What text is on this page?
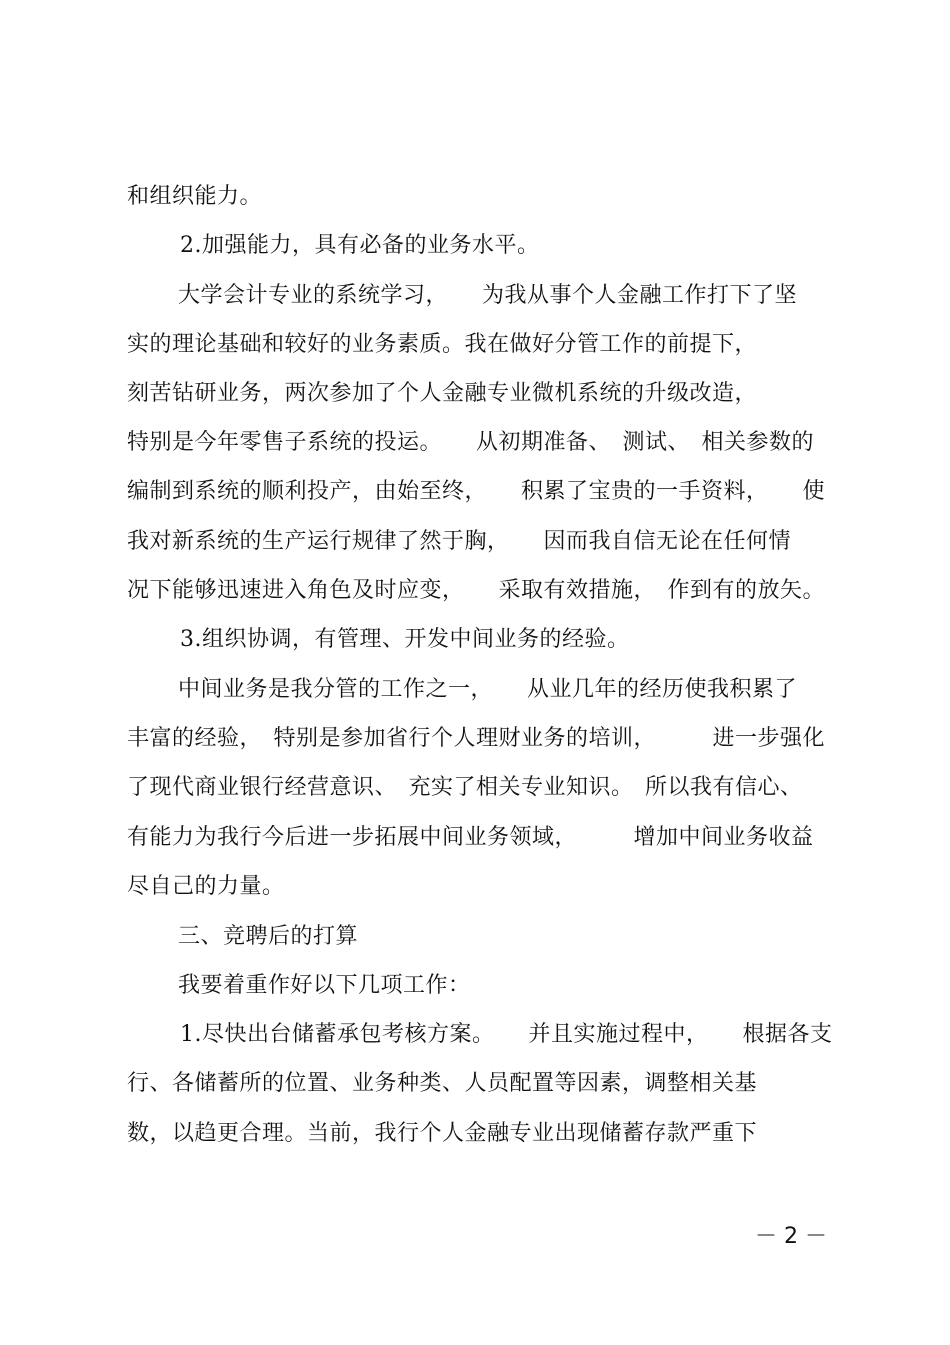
和组织能力。
2.加强能力，具有必备的业务水平。
大学会计专业的系统学习，　　为我从事个人金融工作打下了坚
实的理论基础和较好的业务素质。我在做好分管工作的前提下，
刻苦钻研业务，两次参加了个人金融专业微机系统的升级改造，
特别是今年零售子系统的投运。　　从初期准备、　测试、　相关参数的
编制到系统的顺利投产，由始至终，　　积累了宝贵的一手资料，　　使
我对新系统的生产运行规律了然于胸，　　因而我自信无论在任何情
况下能够迅速进入角色及时应变，　　采取有效措施，　作到有的放矢。
3.组织协调，有管理、开发中间业务的经验。
中间业务是我分管的工作之一，　　从业几年的经历使我积累了
丰富的经验，　特别是参加省行个人理财业务的培训，　　　进一步强化
了现代商业银行经营意识、　充实了相关专业知识。　所以我有信心、
有能力为我行今后进一步拓展中间业务领域，　　　增加中间业务收益
尽自己的力量。
三、竞聘后的打算
我要着重作好以下几项工作：
1.尽快出台储蓄承包考核方案。　　并且实施过程中，　　根据各支
行、各储蓄所的位置、业务种类、人员配置等因素，调整相关基
数，以趋更合理。当前，我行个人金融专业出现储蓄存款严重下
－ 2 －
